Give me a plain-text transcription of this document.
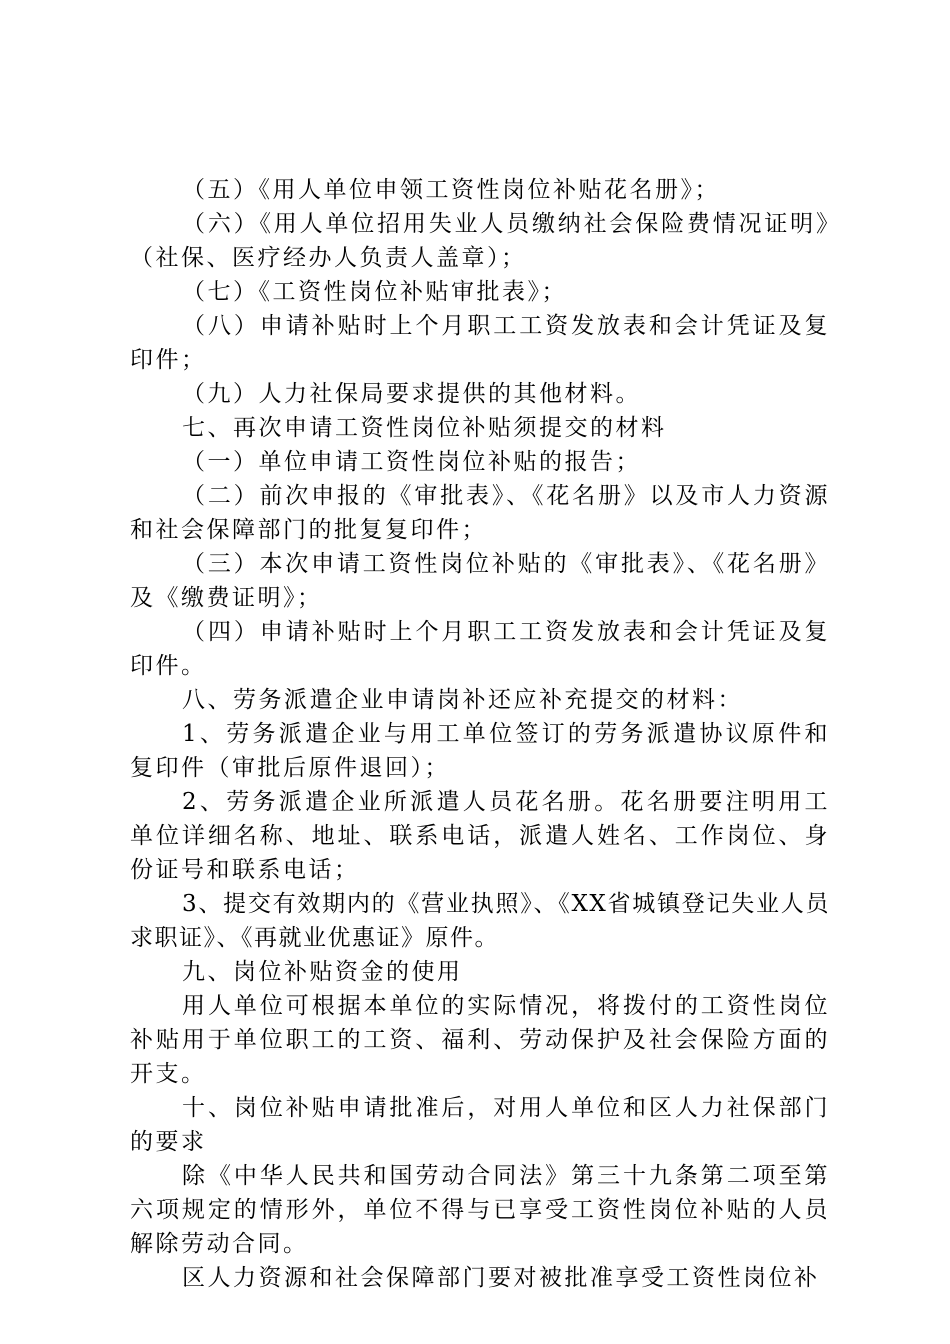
（五）《用人单位申领工资性岗位补贴花名册》；

（六）《用人单位招用失业人员缴纳社会保险费情况证明》（社保、医疗经办人负责人盖章）；

（七）《工资性岗位补贴审批表》；

（八）申请补贴时上个月职工工资发放表和会计凭证及复印件；

（九）人力社保局要求提供的其他材料。

七、再次申请工资性岗位补贴须提交的材料

（一）单位申请工资性岗位补贴的报告；

（二）前次申报的《审批表》、《花名册》以及市人力资源和社会保障部门的批复复印件；

（三）本次申请工资性岗位补贴的《审批表》、《花名册》及《缴费证明》；

（四）申请补贴时上个月职工工资发放表和会计凭证及复印件。

八、劳务派遣企业申请岗补还应补充提交的材料：

1、劳务派遣企业与用工单位签订的劳务派遣协议原件和复印件（审批后原件退回）；

2、劳务派遣企业所派遣人员花名册。花名册要注明用工单位详细名称、地址、联系电话，派遣人姓名、工作岗位、身份证号和联系电话；

3、提交有效期内的《营业执照》、《XX省城镇登记失业人员求职证》、《再就业优惠证》原件。

九、岗位补贴资金的使用

用人单位可根据本单位的实际情况，将拨付的工资性岗位补贴用于单位职工的工资、福利、劳动保护及社会保险方面的开支。

十、岗位补贴申请批准后，对用人单位和区人力社保部门的要求

除《中华人民共和国劳动合同法》第三十九条第二项至第六项规定的情形外，单位不得与已享受工资性岗位补贴的人员解除劳动合同。

区人力资源和社会保障部门要对被批准享受工资性岗位补
